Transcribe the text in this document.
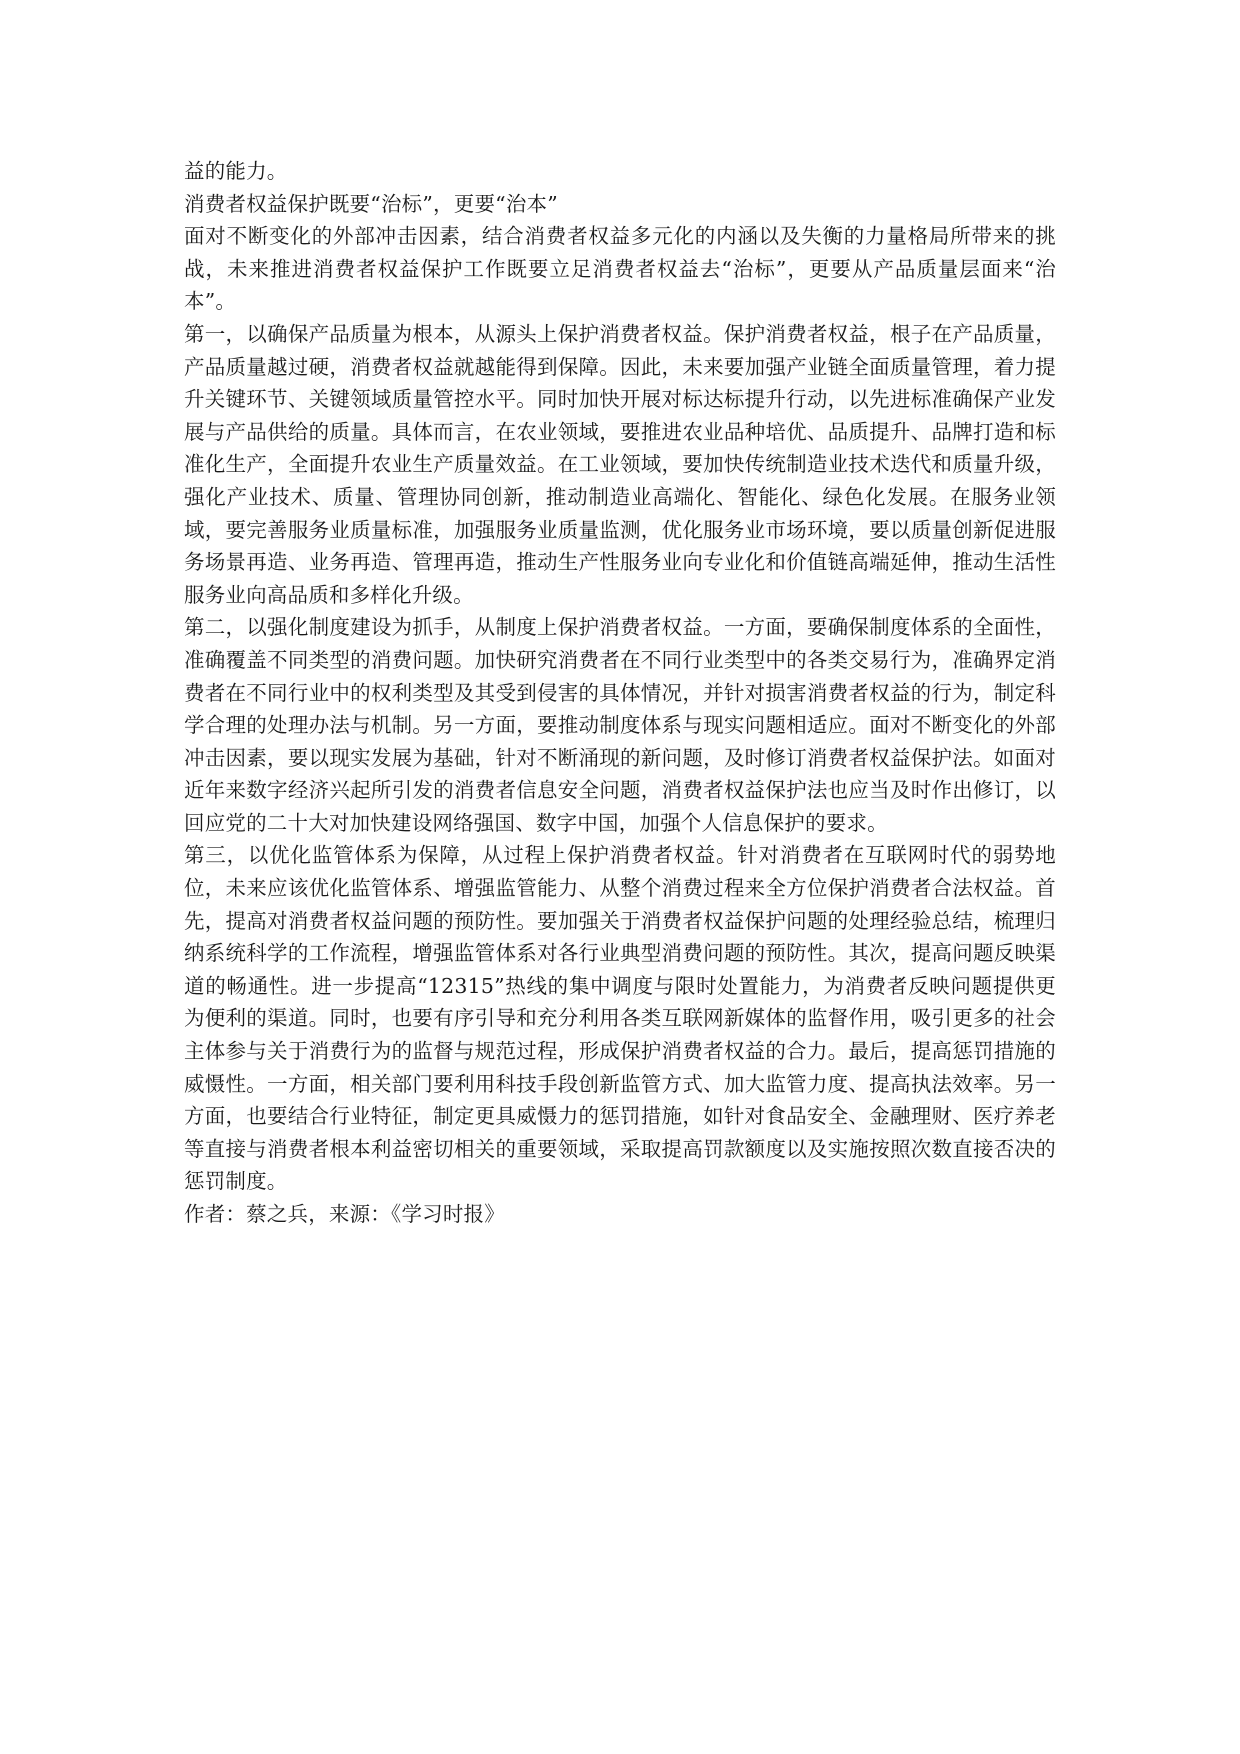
益的能力。

消费者权益保护既要“治标”，更要“治本”

面对不断变化的外部冲击因素，结合消费者权益多元化的内涵以及失衡的力量格局所带来的挑战，未来推进消费者权益保护工作既要立足消费者权益去“治标”，更要从产品质量层面来“治本”。

第一，以确保产品质量为根本，从源头上保护消费者权益。保护消费者权益，根子在产品质量，产品质量越过硬，消费者权益就越能得到保障。因此，未来要加强产业链全面质量管理，着力提升关键环节、关键领域质量管控水平。同时加快开展对标达标提升行动，以先进标准确保产业发展与产品供给的质量。具体而言，在农业领域，要推进农业品种培优、品质提升、品牌打造和标准化生产，全面提升农业生产质量效益。在工业领域，要加快传统制造业技术迭代和质量升级，强化产业技术、质量、管理协同创新，推动制造业高端化、智能化、绿色化发展。在服务业领域，要完善服务业质量标准，加强服务业质量监测，优化服务业市场环境，要以质量创新促进服务场景再造、业务再造、管理再造，推动生产性服务业向专业化和价值链高端延伸，推动生活性服务业向高品质和多样化升级。

第二，以强化制度建设为抓手，从制度上保护消费者权益。一方面，要确保制度体系的全面性，准确覆盖不同类型的消费问题。加快研究消费者在不同行业类型中的各类交易行为，准确界定消费者在不同行业中的权利类型及其受到侵害的具体情况，并针对损害消费者权益的行为，制定科学合理的处理办法与机制。另一方面，要推动制度体系与现实问题相适应。面对不断变化的外部冲击因素，要以现实发展为基础，针对不断涌现的新问题，及时修订消费者权益保护法。如面对近年来数字经济兴起所引发的消费者信息安全问题，消费者权益保护法也应当及时作出修订，以回应党的二十大对加快建设网络强国、数字中国，加强个人信息保护的要求。

第三，以优化监管体系为保障，从过程上保护消费者权益。针对消费者在互联网时代的弱势地位，未来应该优化监管体系、增强监管能力、从整个消费过程来全方位保护消费者合法权益。首先，提高对消费者权益问题的预防性。要加强关于消费者权益保护问题的处理经验总结，梳理归纳系统科学的工作流程，增强监管体系对各行业典型消费问题的预防性。其次，提高问题反映渠道的畅通性。进一步提高“12315”热线的集中调度与限时处置能力，为消费者反映问题提供更为便利的渠道。同时，也要有序引导和充分利用各类互联网新媒体的监督作用，吸引更多的社会主体参与关于消费行为的监督与规范过程，形成保护消费者权益的合力。最后，提高惩罚措施的威慑性。一方面，相关部门要利用科技手段创新监管方式、加大监管力度、提高执法效率。另一方面，也要结合行业特征，制定更具威慑力的惩罚措施，如针对食品安全、金融理财、医疗养老等直接与消费者根本利益密切相关的重要领域，采取提高罚款额度以及实施按照次数直接否决的惩罚制度。

作者：蔡之兵，来源：《学习时报》
